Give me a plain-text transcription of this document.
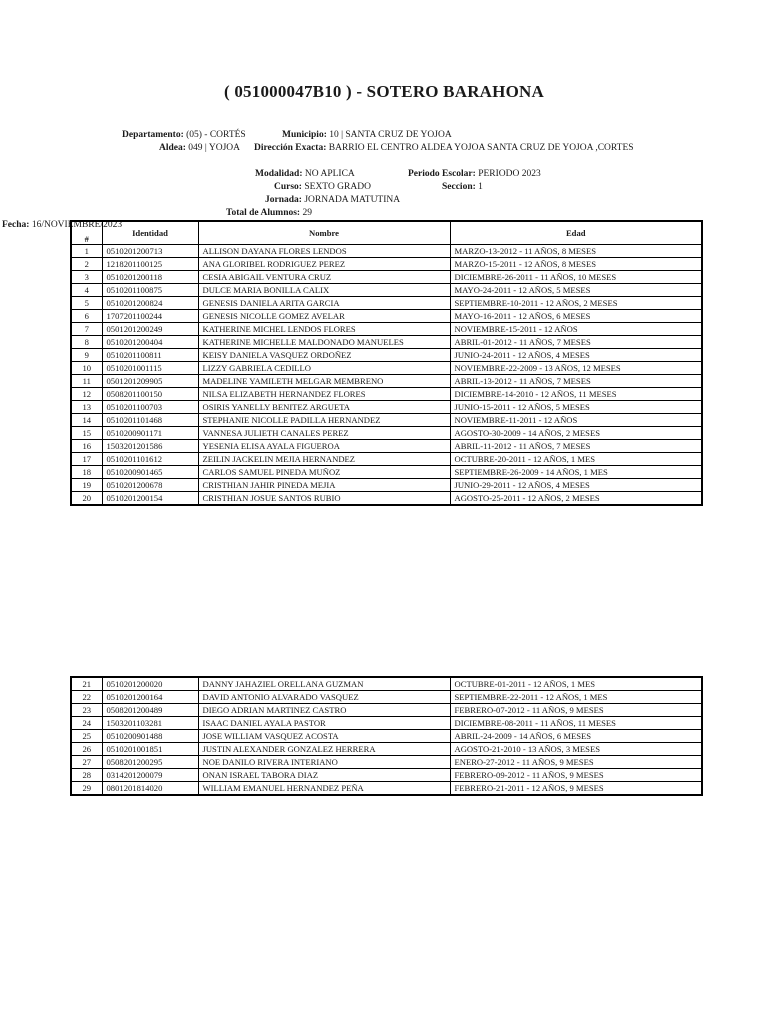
( 051000047B10 ) - SOTERO BARAHONA
Departamento: (05) - CORTÉS	Municipio: 10 | SANTA CRUZ DE YOJOA
Aldea: 049 | YOJOA Dirección Exacta: BARRIO EL CENTRO ALDEA YOJOA SANTA CRUZ DE YOJOA ,CORTES
Modalidad: NO APLICA	Periodo Escolar: PERIODO 2023
Curso: SEXTO GRADO	Seccion: 1
Jornada: JORNADA MATUTINA
Total de Alumnos: 29
Fecha: 16/NOVIEMBRE/2023
#	Identidad	Nombre	Edad
1	0510201200713	ALLISON DAYANA FLORES LENDOS	MARZO-13-2012 - 11 AÑOS, 8 MESES
2	1218201100125	ANA GLORIBEL RODRIGUEZ PEREZ	MARZO-15-2011 - 12 AÑOS, 8 MESES
3	0510201200118	CESIA ABIGAIL VENTURA CRUZ	DICIEMBRE-26-2011 - 11 AÑOS, 10 MESES
4	0510201100875	DULCE MARIA BONILLA CALIX	MAYO-24-2011 - 12 AÑOS, 5 MESES
5	0510201200824	GENESIS DANIELA ARITA GARCIA	SEPTIEMBRE-10-2011 - 12 AÑOS, 2 MESES
6	1707201100244	GENESIS NICOLLE GOMEZ AVELAR	MAYO-16-2011 - 12 AÑOS, 6 MESES
7	0501201200249	KATHERINE MICHEL LENDOS FLORES	NOVIEMBRE-15-2011 - 12 AÑOS
8	0510201200404	KATHERINE MICHELLE MALDONADO MANUELES	ABRIL-01-2012 - 11 AÑOS, 7 MESES
9	0510201100811	KEISY DANIELA VASQUEZ ORDOÑEZ	JUNIO-24-2011 - 12 AÑOS, 4 MESES
10	0510201001115	LIZZY GABRIELA CEDILLO	NOVIEMBRE-22-2009 - 13 AÑOS, 12 MESES
11	0501201209905	MADELINE YAMILETH MELGAR MEMBRENO	ABRIL-13-2012 - 11 AÑOS, 7 MESES
12	0508201100150	NILSA ELIZABETH HERNANDEZ FLORES	DICIEMBRE-14-2010 - 12 AÑOS, 11 MESES
13	0510201100703	OSIRIS YANELLY BENITEZ ARGUETA	JUNIO-15-2011 - 12 AÑOS, 5 MESES
14	0510201101468	STEPHANIE NICOLLE PADILLA HERNANDEZ	NOVIEMBRE-11-2011 - 12 AÑOS
15	0510200901171	VANNESA JULIETH CANALES PEREZ	AGOSTO-30-2009 - 14 AÑOS, 2 MESES
16	1503201201586	YESENIA ELISA AYALA FIGUEROA	ABRIL-11-2012 - 11 AÑOS, 7 MESES
17	0510201101612	ZEILIN JACKELIN MEJIA HERNANDEZ	OCTUBRE-20-2011 - 12 AÑOS, 1 MES
18	0510200901465	CARLOS SAMUEL PINEDA MUÑOZ	SEPTIEMBRE-26-2009 - 14 AÑOS, 1 MES
19	0510201200678	CRISTHIAN JAHIR PINEDA MEJIA	JUNIO-29-2011 - 12 AÑOS, 4 MESES
20	0510201200154	CRISTHIAN JOSUE SANTOS RUBIO	AGOSTO-25-2011 - 12 AÑOS, 2 MESES
21	0510201200020	DANNY JAHAZIEL ORELLANA GUZMAN	OCTUBRE-01-2011 - 12 AÑOS, 1 MES
22	0510201200164	DAVID ANTONIO ALVARADO VASQUEZ	SEPTIEMBRE-22-2011 - 12 AÑOS, 1 MES
23	0508201200489	DIEGO ADRIAN MARTINEZ CASTRO	FEBRERO-07-2012 - 11 AÑOS, 9 MESES
24	1503201103281	ISAAC DANIEL AYALA PASTOR	DICIEMBRE-08-2011 - 11 AÑOS, 11 MESES
25	0510200901488	JOSE WILLIAM VASQUEZ ACOSTA	ABRIL-24-2009 - 14 AÑOS, 6 MESES
26	0510201001851	JUSTIN ALEXANDER GONZALEZ HERRERA	AGOSTO-21-2010 - 13 AÑOS, 3 MESES
27	0508201200295	NOE DANILO RIVERA INTERIANO	ENERO-27-2012 - 11 AÑOS, 9 MESES
28	0314201200079	ONAN ISRAEL TABORA DIAZ	FEBRERO-09-2012 - 11 AÑOS, 9 MESES
29	0801201814020	WILLIAM EMANUEL HERNANDEZ PEÑA	FEBRERO-21-2011 - 12 AÑOS, 9 MESES
